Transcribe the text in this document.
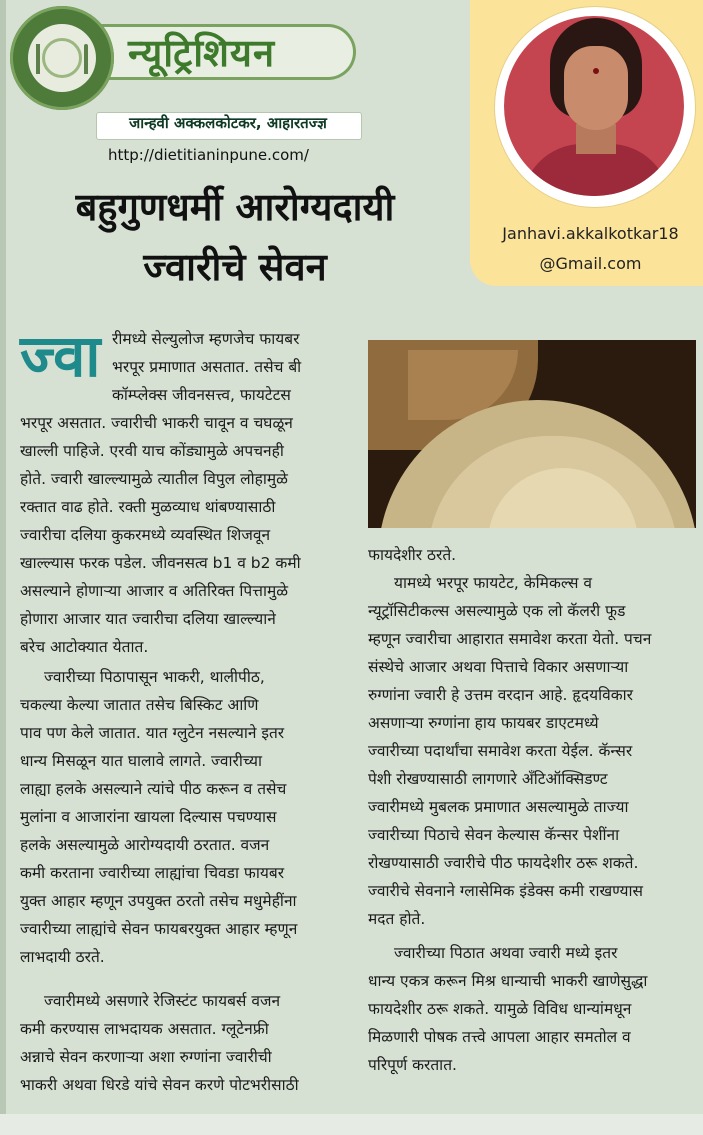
न्यूट्रिशियन
जान्हवी अक्कलकोटकर, आहारतज्ज्ञ
http://dietitianinpune.com/
बहुगुणधर्मी आरोग्यदायी
ज्वारीचे सेवन
Janhavi.akkalkotkar18
@Gmail.com
ज्वा रीमध्ये सेल्युलोज म्हणजेच फायबर
भरपूर प्रमाणात असतात. तसेच बी
कॉम्प्लेक्स जीवनसत्त्व, फायटेटस
भरपूर असतात. ज्वारीची भाकरी चावून व चघळून
खाल्ली पाहिजे. एरवी याच कोंड्यामुळे अपचनही
होते. ज्वारी खाल्ल्यामुळे त्यातील विपुल लोहामुळे
रक्तात वाढ होते. रक्ती मुळव्याध थांबण्यासाठी
ज्वारीचा दलिया कुकरमध्ये व्यवस्थित शिजवून
खाल्ल्यास फरक पडेल. जीवनसत्व b1 व b2 कमी
असल्याने होणाऱ्या आजार व अतिरिक्त पित्तामुळे
होणारा आजार यात ज्वारीचा दलिया खाल्ल्याने
बरेच आटोक्यात येतात.
ज्वारीच्या पिठापासून भाकरी, थालीपीठ,
चकल्या केल्या जातात तसेच बिस्किट आणि
पाव पण केले जातात. यात ग्लुटेन नसल्याने इतर
धान्य मिसळून यात घालावे लागते. ज्वारीच्या
लाह्या हलके असल्याने त्यांचे पीठ करून व तसेच
मुलांना व आजारांना खायला दिल्यास पचण्यास
हलके असल्यामुळे आरोग्यदायी ठरतात. वजन
कमी करताना ज्वारीच्या लाह्यांचा चिवडा फायबर
युक्त आहार म्हणून उपयुक्त ठरतो तसेच मधुमेहींना
ज्वारीच्या लाह्यांचे सेवन फायबरयुक्त आहार म्हणून
लाभदायी ठरते.
ज्वारीमध्ये असणारे रेजिस्टंट फायबर्स वजन
कमी करण्यास लाभदायक असतात. ग्लूटेनफ्री
अन्नाचे सेवन करणाऱ्या अशा रुग्णांना ज्वारीची
भाकरी अथवा धिरडे यांचे सेवन करणे पोटभरीसाठी
फायदेशीर ठरते.
यामध्ये भरपूर फायटेट, केमिकल्स व
न्यूट्रॉसिटीकल्स असल्यामुळे एक लो कॅलरी फूड
म्हणून ज्वारीचा आहारात समावेश करता येतो. पचन
संस्थेचे आजार अथवा पित्ताचे विकार असणाऱ्या
रुग्णांना ज्वारी हे उत्तम वरदान आहे. हृदयविकार
असणाऱ्या रुग्णांना हाय फायबर डाएटमध्ये
ज्वारीच्या पदार्थांचा समावेश करता येईल. कॅन्सर
पेशी रोखण्यासाठी लागणारे अँटिऑक्सिडण्ट
ज्वारीमध्ये मुबलक प्रमाणात असल्यामुळे ताज्या
ज्वारीच्या पिठाचे सेवन केल्यास कॅन्सर पेशींना
रोखण्यासाठी ज्वारीचे पीठ फायदेशीर ठरू शकते.
ज्वारीचे सेवनाने ग्लासेमिक इंडेक्स कमी राखण्यास
मदत होते.
ज्वारीच्या पिठात अथवा ज्वारी मध्ये इतर
धान्य एकत्र करून मिश्र धान्याची भाकरी खाणेसुद्धा
फायदेशीर ठरू शकते. यामुळे विविध धान्यांमधून
मिळणारी पोषक तत्त्वे आपला आहार समतोल व
परिपूर्ण करतात.
